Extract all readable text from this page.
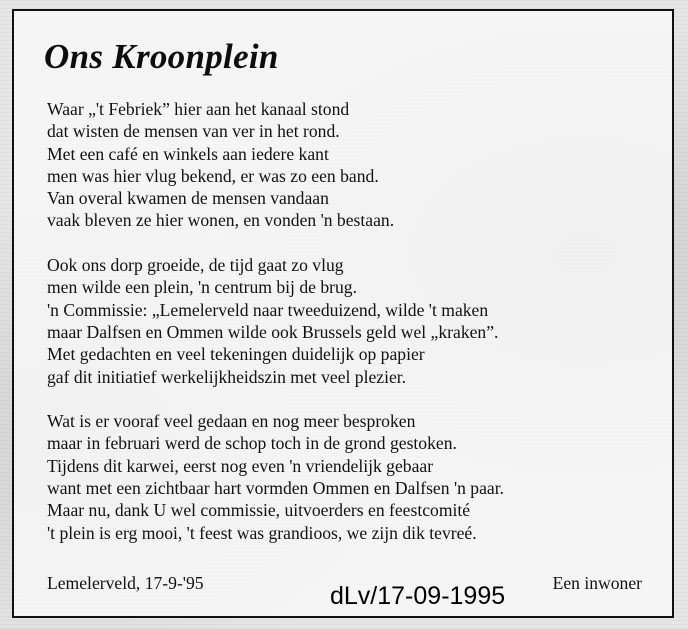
Ons Kroonplein

Waar „'t Febriek” hier aan het kanaal stond
dat wisten de mensen van ver in het rond.
Met een café en winkels aan iedere kant
men was hier vlug bekend, er was zo een band.
Van overal kwamen de mensen vandaan
vaak bleven ze hier wonen, en vonden 'n bestaan.

Ook ons dorp groeide, de tijd gaat zo vlug
men wilde een plein, 'n centrum bij de brug.
'n Commissie: „Lemelerveld naar tweeduizend, wilde 't maken
maar Dalfsen en Ommen wilde ook Brussels geld wel „kraken”.
Met gedachten en veel tekeningen duidelijk op papier
gaf dit initiatief werkelijkheidszin met veel plezier.

Wat is er vooraf veel gedaan en nog meer besproken
maar in februari werd de schop toch in de grond gestoken.
Tijdens dit karwei, eerst nog even 'n vriendelijk gebaar
want met een zichtbaar hart vormden Ommen en Dalfsen 'n paar.
Maar nu, dank U wel commissie, uitvoerders en feestcomité
't plein is erg mooi, 't feest was grandioos, we zijn dik tevreé.

Lemelerveld, 17-9-'95	Een inwoner
dLv/17-09-1995
